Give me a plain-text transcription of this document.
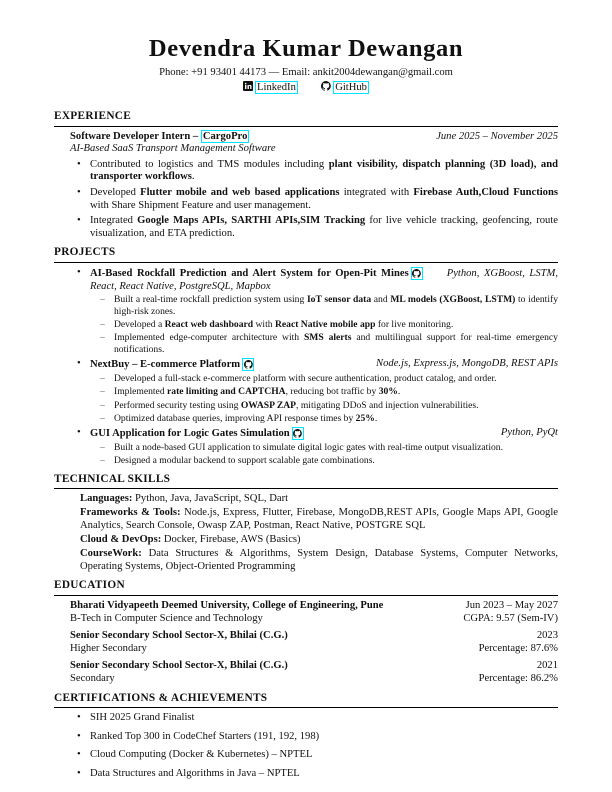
Devendra Kumar Dewangan
Phone: +91 93401 44173 — Email: ankit2004dewangan@gmail.com
LinkedIn	GitHub
EXPERIENCE
Software Developer Intern – CargoPro	June 2025 – November 2025
AI-Based SaaS Transport Management Software
• Contributed to logistics and TMS modules including plant visibility, dispatch planning (3D load), and transporter workflows.
• Developed Flutter mobile and web based applications integrated with Firebase Auth,Cloud Functions with Share Shipment Feature and user management.
• Integrated Google Maps APIs, SARTHI APIs,SIM Tracking for live vehicle tracking, geofencing, route visualization, and ETA prediction.
PROJECTS
• AI-Based Rockfall Prediction and Alert System for Open-Pit Mines	Python, XGBoost, LSTM, React, React Native, PostgreSQL, Mapbox
– Built a real-time rockfall prediction system using IoT sensor data and ML models (XGBoost, LSTM) to identify high-risk zones.
– Developed a React web dashboard with React Native mobile app for live monitoring.
– Implemented edge-computer architecture with SMS alerts and multilingual support for real-time emergency notifications.
• NextBuy – E-commerce Platform	Node.js, Express.js, MongoDB, REST APIs
– Developed a full-stack e-commerce platform with secure authentication, product catalog, and order.
– Implemented rate limiting and CAPTCHA, reducing bot traffic by 30%.
– Performed security testing using OWASP ZAP, mitigating DDoS and injection vulnerabilities.
– Optimized database queries, improving API response times by 25%.
• GUI Application for Logic Gates Simulation	Python, PyQt
– Built a node-based GUI application to simulate digital logic gates with real-time output visualization.
– Designed a modular backend to support scalable gate combinations.
TECHNICAL SKILLS
Languages: Python, Java, JavaScript, SQL, Dart
Frameworks & Tools: Node.js, Express, Flutter, Firebase, MongoDB,REST APIs, Google Maps API, Google Analytics, Search Console, Owasp ZAP, Postman, React Native, POSTGRE SQL
Cloud & DevOps: Docker, Firebase, AWS (Basics)
CourseWork: Data Structures & Algorithms, System Design, Database Systems, Computer Networks, Operating Systems, Object-Oriented Programming
EDUCATION
Bharati Vidyapeeth Deemed University, College of Engineering, Pune	Jun 2023 – May 2027
B-Tech in Computer Science and Technology	CGPA: 9.57 (Sem-IV)
Senior Secondary School Sector-X, Bhilai (C.G.)	2023
Higher Secondary	Percentage: 87.6%
Senior Secondary School Sector-X, Bhilai (C.G.)	2021
Secondary	Percentage: 86.2%
CERTIFICATIONS & ACHIEVEMENTS
• SIH 2025 Grand Finalist
• Ranked Top 300 in CodeChef Starters (191, 192, 198)
• Cloud Computing (Docker & Kubernetes) – NPTEL
• Data Structures and Algorithms in Java – NPTEL
